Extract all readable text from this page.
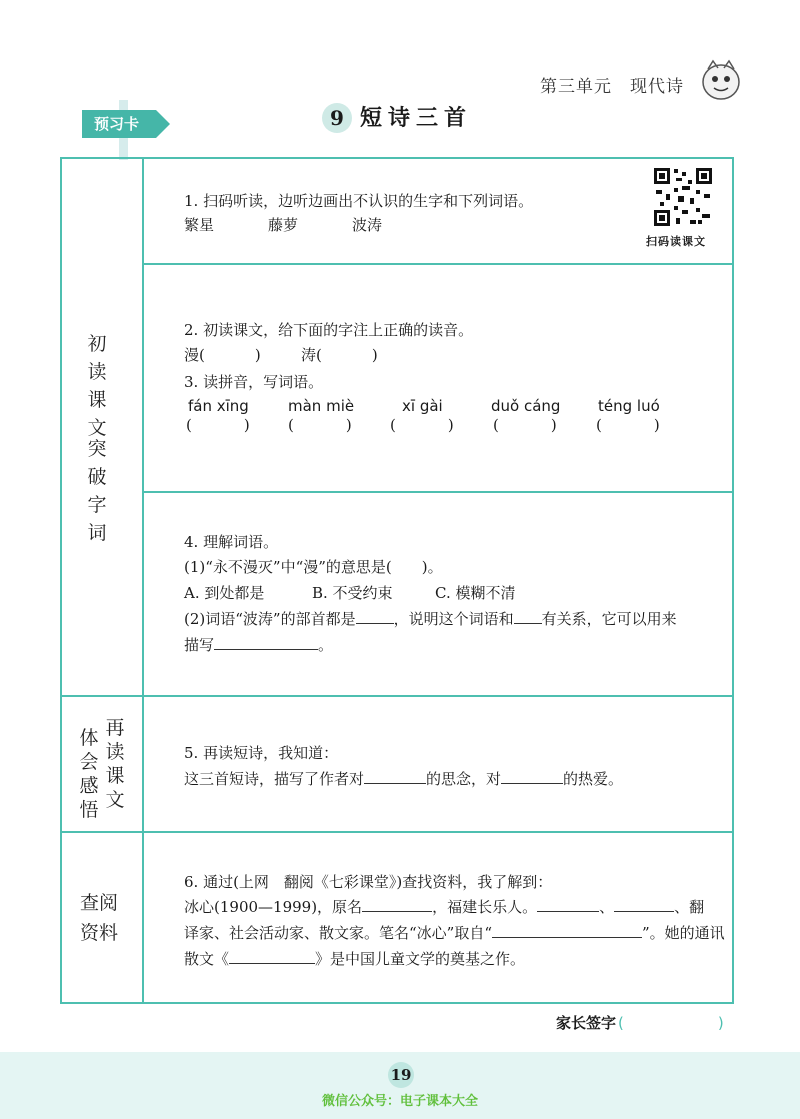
第三单元 现代诗
预习卡	9 短诗三首
初
读
课
文
突
破
字
词
再
读
课
文
体
会
感
悟
查阅
资料
扫码读课文
1. 扫码听读，边听边画出不认识的生字和下列词语。
繁星	藤萝	波涛
2. 初读课文，给下面的字注上正确的读音。
漫(	)	涛(	)
3. 读拼音，写词语。
fán xīng	màn miè	xī gài	duǒ cáng	téng luó
(	)	(	)	(	)	(	)	(	)
4. 理解词语。
(1)“永不漫灭”中“漫”的意思是(　　)。
A. 到处都是	B. 不受约束	C. 模糊不清
(2)词语“波涛”的部首都是	，说明这个词语和 有关系，它可以用来
描写	。
5. 再读短诗，我知道：
这三首短诗，描写了作者对	的思念，对	的热爱。
6. 通过(上网　翻阅《七彩课堂》)查找资料，我了解到：
冰心(1900—1999)，原名	，福建长乐人。	、	、翻
译家、社会活动家、散文家。笔名“冰心”取自“	”。她的通讯
散文《	》是中国儿童文学的奠基之作。
家长签字 (	)
19
微信公众号：电子课本大全
